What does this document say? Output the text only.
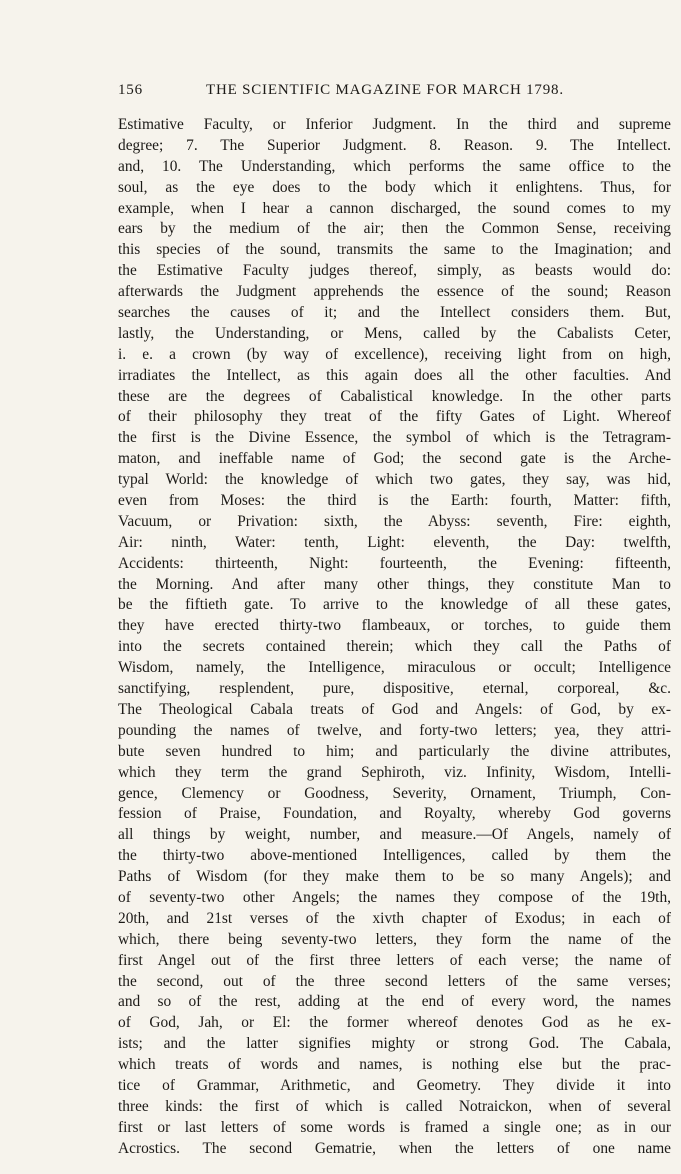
156	THE SCIENTIFIC MAGAZINE FOR MARCH 1798.
Estimative Faculty, or Inferior Judgment. In the third and supreme
degree; 7. The Superior Judgment. 8. Reason. 9. The Intellect.
and, 10. The Understanding, which performs the same office to the
soul, as the eye does to the body which it enlightens. Thus, for
example, when I hear a cannon discharged, the sound comes to my
ears by the medium of the air; then the Common Sense, receiving
this species of the sound, transmits the same to the Imagination; and
the Estimative Faculty judges thereof, simply, as beasts would do:
afterwards the Judgment apprehends the essence of the sound; Reason
searches the causes of it; and the Intellect considers them. But,
lastly, the Understanding, or Mens, called by the Cabalists Ceter,
i. e. a crown (by way of excellence), receiving light from on high,
irradiates the Intellect, as this again does all the other faculties. And
these are the degrees of Cabalistical knowledge. In the other parts
of their philosophy they treat of the fifty Gates of Light. Whereof
the first is the Divine Essence, the symbol of which is the Tetragram-
maton, and ineffable name of God; the second gate is the Arche-
typal World: the knowledge of which two gates, they say, was hid,
even from Moses: the third is the Earth: fourth, Matter: fifth,
Vacuum, or Privation: sixth, the Abyss: seventh, Fire: eighth,
Air: ninth, Water: tenth, Light: eleventh, the Day: twelfth,
Accidents: thirteenth, Night: fourteenth, the Evening: fifteenth,
the Morning. And after many other things, they constitute Man to
be the fiftieth gate. To arrive to the knowledge of all these gates,
they have erected thirty-two flambeaux, or torches, to guide them
into the secrets contained therein; which they call the Paths of
Wisdom, namely, the Intelligence, miraculous or occult; Intelligence
sanctifying, resplendent, pure, dispositive, eternal, corporeal, &c.
The Theological Cabala treats of God and Angels: of God, by ex-
pounding the names of twelve, and forty-two letters; yea, they attri-
bute seven hundred to him; and particularly the divine attributes,
which they term the grand Sephiroth, viz. Infinity, Wisdom, Intelli-
gence, Clemency or Goodness, Severity, Ornament, Triumph, Con-
fession of Praise, Foundation, and Royalty, whereby God governs
all things by weight, number, and measure.—Of Angels, namely of
the thirty-two above-mentioned Intelligences, called by them the
Paths of Wisdom (for they make them to be so many Angels); and
of seventy-two other Angels; the names they compose of the 19th,
20th, and 21st verses of the xivth chapter of Exodus; in each of
which, there being seventy-two letters, they form the name of the
first Angel out of the first three letters of each verse; the name of
the second, out of the three second letters of the same verses;
and so of the rest, adding at the end of every word, the names
of God, Jah, or El: the former whereof denotes God as he ex-
ists; and the latter signifies mighty or strong God. The Cabala,
which treats of words and names, is nothing else but the prac-
tice of Grammar, Arithmetic, and Geometry. They divide it into
three kinds: the first of which is called Notraickon, when of several
first or last letters of some words is framed a single one; as in our
Acrostics. The second Gematrie, when the letters of one name
